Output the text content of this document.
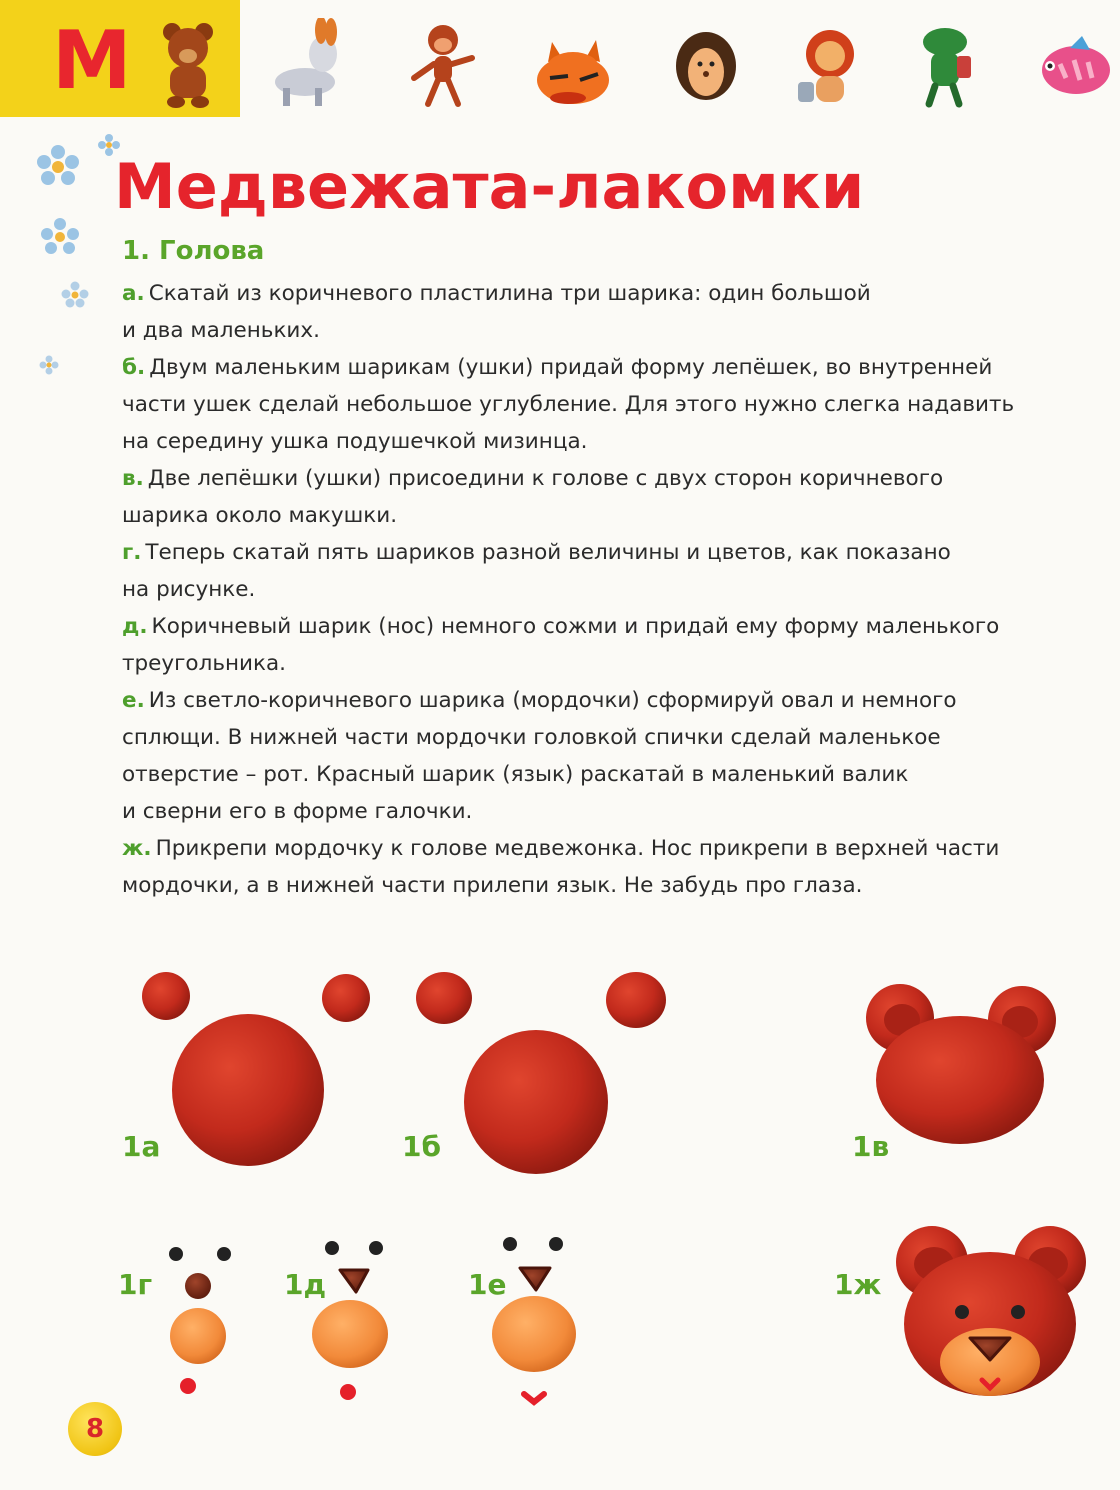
М
Медвежата-лакомки
1. Голова
а. Скатай из коричневого пластилина три шарика: один большой
и два маленьких.
б. Двум маленьким шарикам (ушки) придай форму лепёшек, во внутренней
части ушек сделай небольшое углубление. Для этого нужно слегка надавить
на середину ушка подушечкой мизинца.
в. Две лепёшки (ушки) присоедини к голове с двух сторон коричневого
шарика около макушки.
г. Теперь скатай пять шариков разной величины и цветов, как показано
на рисунке.
д. Коричневый шарик (нос) немного сожми и придай ему форму маленького
треугольника.
е. Из светло-коричневого шарика (мордочки) сформируй овал и немного
сплющи. В нижней части мордочки головкой спички сделай маленькое
отверстие – рот. Красный шарик (язык) раскатай в маленький валик
и сверни его в форме галочки.
ж. Прикрепи мордочку к голове медвежонка. Нос прикрепи в верхней части
мордочки, а в нижней части прилепи язык. Не забудь про глаза.
1а	1б	1в
1г	1д	1е	1ж
8
